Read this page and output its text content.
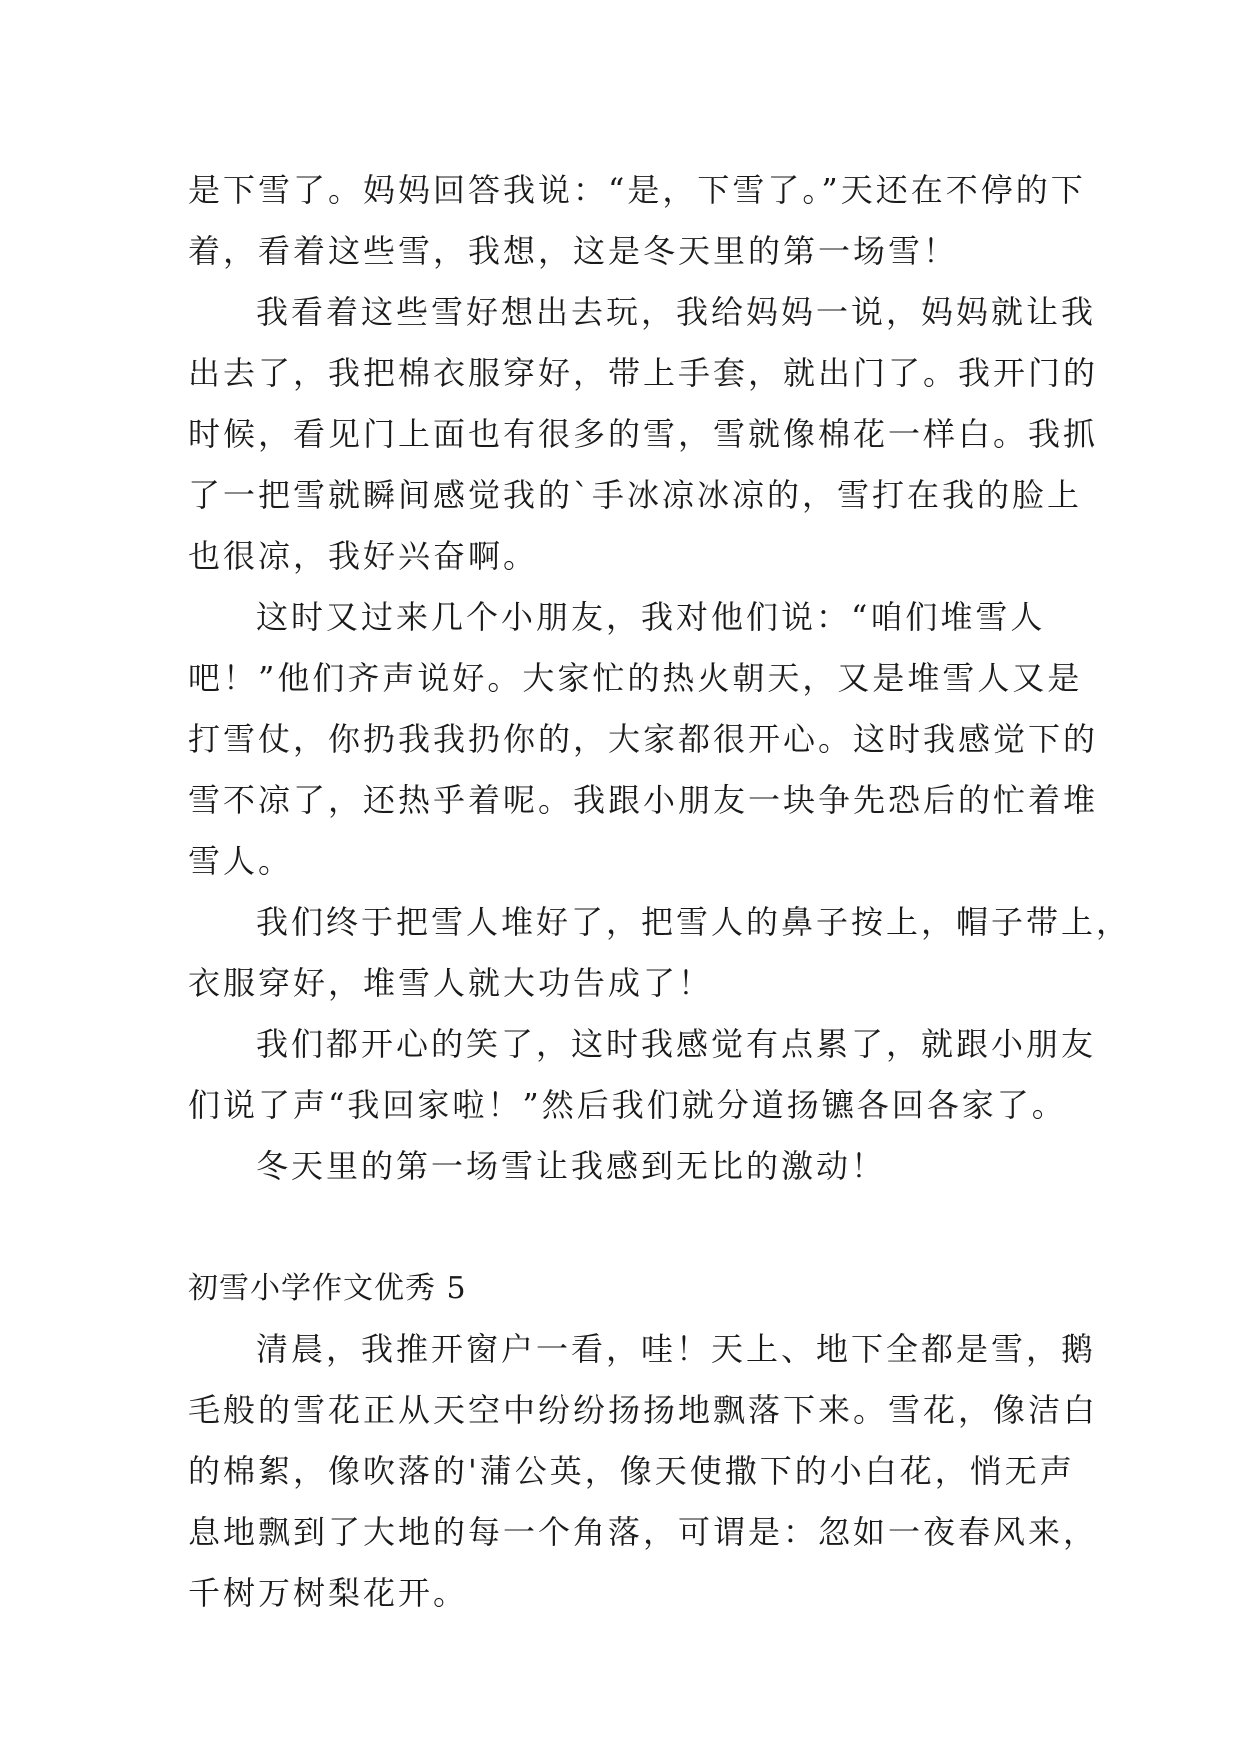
是下雪了。妈妈回答我说：“是，下雪了。”天还在不停的下
着，看着这些雪，我想，这是冬天里的第一场雪！
我看着这些雪好想出去玩，我给妈妈一说，妈妈就让我
出去了，我把棉衣服穿好，带上手套，就出门了。我开门的
时候，看见门上面也有很多的雪，雪就像棉花一样白。我抓
了一把雪就瞬间感觉我的`手冰凉冰凉的，雪打在我的脸上
也很凉，我好兴奋啊。
这时又过来几个小朋友，我对他们说：“咱们堆雪人
吧！”他们齐声说好。大家忙的热火朝天，又是堆雪人又是
打雪仗，你扔我我扔你的，大家都很开心。这时我感觉下的
雪不凉了，还热乎着呢。我跟小朋友一块争先恐后的忙着堆
雪人。
我们终于把雪人堆好了，把雪人的鼻子按上，帽子带上，
衣服穿好，堆雪人就大功告成了！
我们都开心的笑了，这时我感觉有点累了，就跟小朋友
们说了声“我回家啦！”然后我们就分道扬镳各回各家了。
冬天里的第一场雪让我感到无比的激动！
初雪小学作文优秀 5
清晨，我推开窗户一看，哇！天上、地下全都是雪，鹅
毛般的雪花正从天空中纷纷扬扬地飘落下来。雪花，像洁白
的棉絮，像吹落的'蒲公英，像天使撒下的小白花，悄无声
息地飘到了大地的每一个角落，可谓是：忽如一夜春风来，
千树万树梨花开。
